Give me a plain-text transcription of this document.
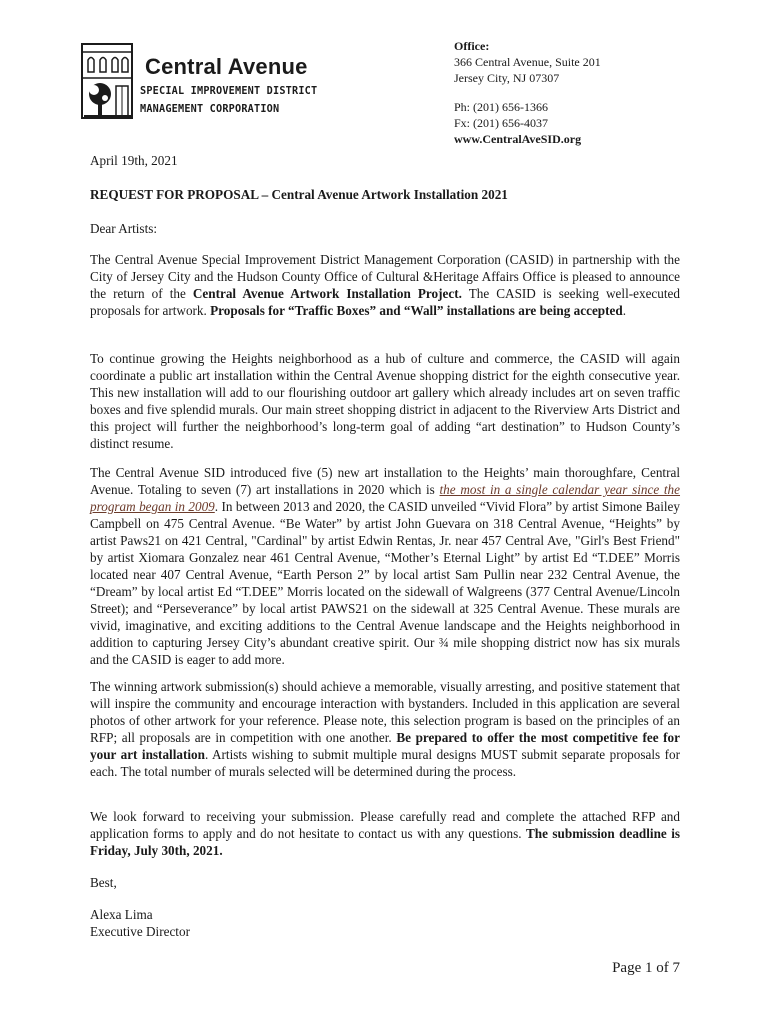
Central Avenue
SPECIAL IMPROVEMENT DISTRICT
MANAGEMENT CORPORATION
Office:
366 Central Avenue, Suite 201
Jersey City, NJ 07307
Ph: (201) 656-1366
Fx: (201) 656-4037
www.CentralAveSID.org
April 19th, 2021
REQUEST FOR PROPOSAL – Central Avenue Artwork Installation 2021
Dear Artists:
The Central Avenue Special Improvement District Management Corporation (CASID) in partnership with the City of Jersey City and the Hudson County Office of Cultural &Heritage Affairs Office is pleased to announce the return of the Central Avenue Artwork Installation Project. The CASID is seeking well-executed proposals for artwork. Proposals for “Traffic Boxes” and “Wall” installations are being accepted.
To continue growing the Heights neighborhood as a hub of culture and commerce, the CASID will again coordinate a public art installation within the Central Avenue shopping district for the eighth consecutive year. This new installation will add to our flourishing outdoor art gallery which already includes art on seven traffic boxes and five splendid murals. Our main street shopping district in adjacent to the Riverview Arts District and this project will further the neighborhood’s long-term goal of adding “art destination” to Hudson County’s distinct resume.
The Central Avenue SID introduced five (5) new art installation to the Heights’ main thoroughfare, Central Avenue. Totaling to seven (7) art installations in 2020 which is the most in a single calendar year since the program began in 2009. In between 2013 and 2020, the CASID unveiled “Vivid Flora” by artist Simone Bailey Campbell on 475 Central Avenue. “Be Water” by artist John Guevara on 318 Central Avenue, “Heights” by artist Paws21 on 421 Central, "Cardinal" by artist Edwin Rentas, Jr. near 457 Central Ave, "Girl's Best Friend" by artist Xiomara Gonzalez near 461 Central Avenue, “Mother’s Eternal Light” by artist Ed “T.DEE” Morris located near 407 Central Avenue, “Earth Person 2” by local artist Sam Pullin near 232 Central Avenue, the “Dream” by local artist Ed “T.DEE” Morris located on the sidewall of Walgreens (377 Central Avenue/Lincoln Street); and “Perseverance” by local artist PAWS21 on the sidewall at 325 Central Avenue. These murals are vivid, imaginative, and exciting additions to the Central Avenue landscape and the Heights neighborhood in addition to capturing Jersey City’s abundant creative spirit. Our ¾ mile shopping district now has six murals and the CASID is eager to add more.
The winning artwork submission(s) should achieve a memorable, visually arresting, and positive statement that will inspire the community and encourage interaction with bystanders. Included in this application are several photos of other artwork for your reference. Please note, this selection program is based on the principles of an RFP; all proposals are in competition with one another. Be prepared to offer the most competitive fee for your art installation. Artists wishing to submit multiple mural designs MUST submit separate proposals for each. The total number of murals selected will be determined during the process.
We look forward to receiving your submission. Please carefully read and complete the attached RFP and application forms to apply and do not hesitate to contact us with any questions. The submission deadline is Friday, July 30th, 2021.
Best,
Alexa Lima
Executive Director
Page 1 of 7
